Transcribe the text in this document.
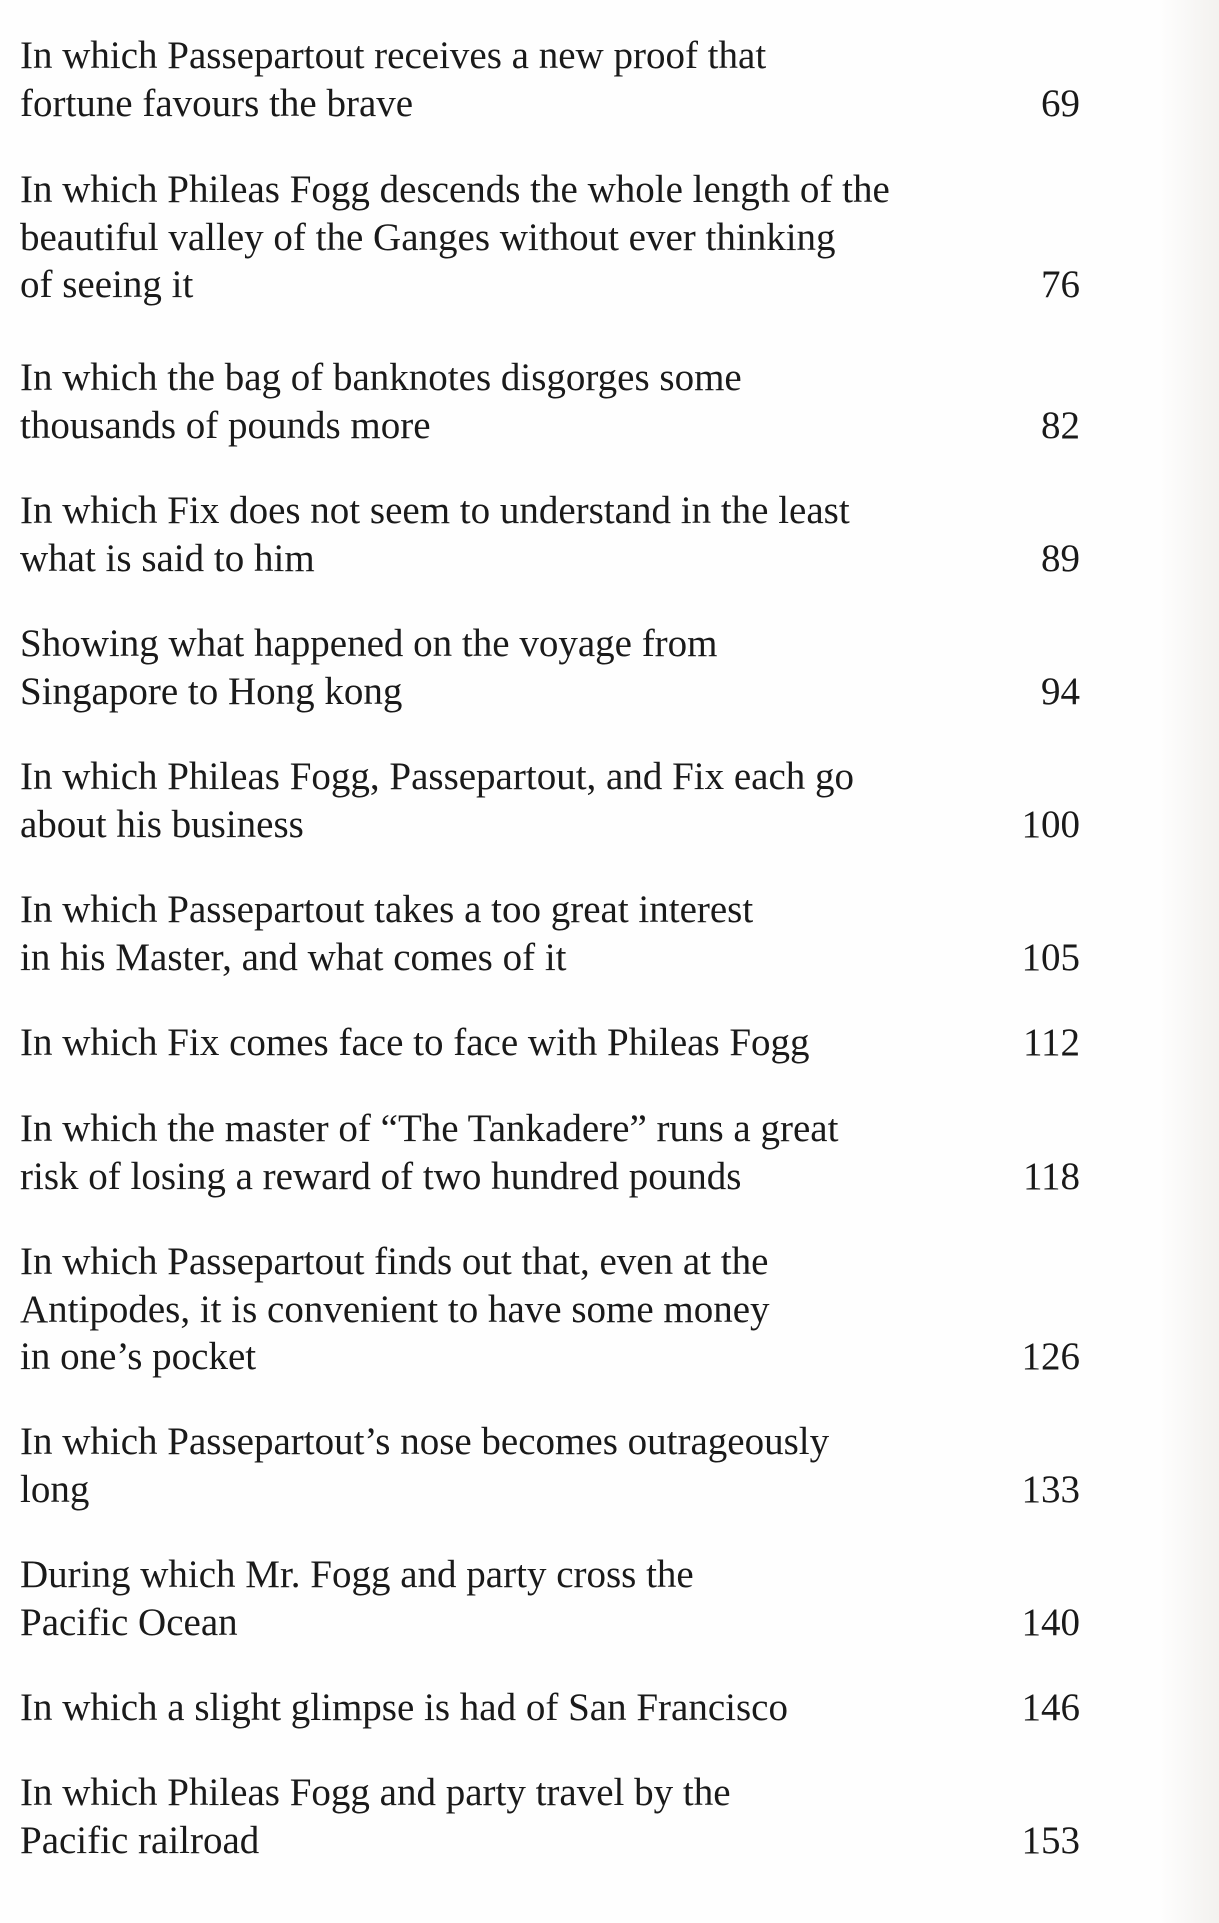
In which Passepartout receives a new proof that
fortune favours the brave	69
In which Phileas Fogg descends the whole length of the
beautiful valley of the Ganges without ever thinking
of seeing it	76
In which the bag of banknotes disgorges some
thousands of pounds more	82
In which Fix does not seem to understand in the least
what is said to him	89
Showing what happened on the voyage from
Singapore to Hong kong	94
In which Phileas Fogg, Passepartout, and Fix each go
about his business	100
In which Passepartout takes a too great interest
in his Master, and what comes of it	105
In which Fix comes face to face with Phileas Fogg	112
In which the master of “The Tankadere” runs a great
risk of losing a reward of two hundred pounds	118
In which Passepartout finds out that, even at the
Antipodes, it is convenient to have some money
in one’s pocket	126
In which Passepartout’s nose becomes outrageously
long	133
During which Mr. Fogg and party cross the
Pacific Ocean	140
In which a slight glimpse is had of San Francisco	146
In which Phileas Fogg and party travel by the
Pacific railroad	153
